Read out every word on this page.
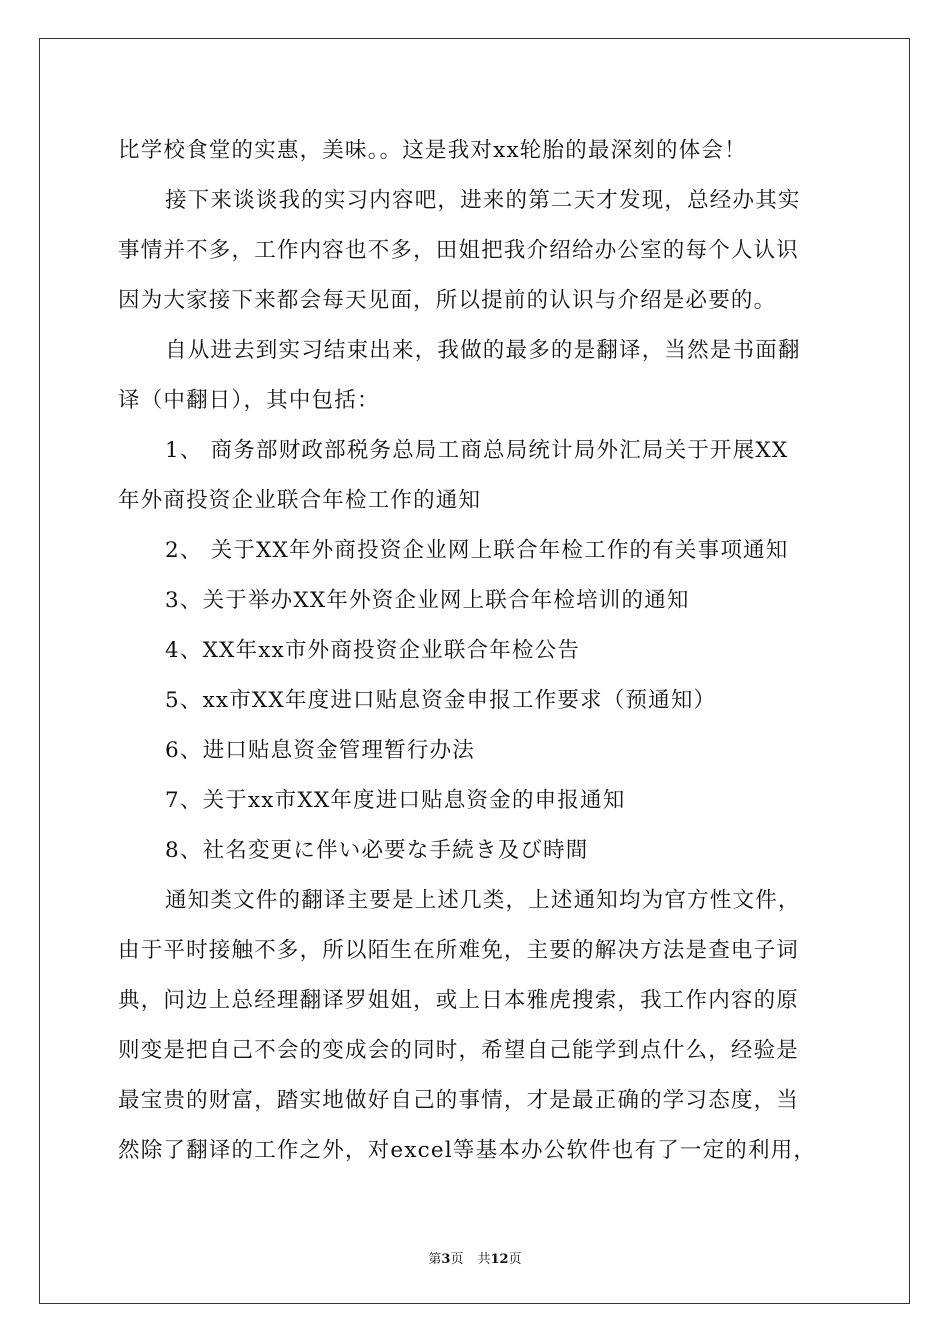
比学校食堂的实惠，美味。。这是我对xx轮胎的最深刻的体会！
接下来谈谈我的实习内容吧，进来的第二天才发现，总经办其实
事情并不多，工作内容也不多，田姐把我介绍给办公室的每个人认识
因为大家接下来都会每天见面，所以提前的认识与介绍是必要的。
自从进去到实习结束出来，我做的最多的是翻译，当然是书面翻
译（中翻日），其中包括：
1、 商务部财政部税务总局工商总局统计局外汇局关于开展XX
年外商投资企业联合年检工作的通知
2、 关于XX年外商投资企业网上联合年检工作的有关事项通知
3、关于举办XX年外资企业网上联合年检培训的通知
4、XX年xx市外商投资企业联合年检公告
5、xx市XX年度进口贴息资金申报工作要求（预通知）
6、进口贴息资金管理暂行办法
7、关于xx市XX年度进口贴息资金的申报通知
8、社名変更に伴い必要な手続き及び時間
通知类文件的翻译主要是上述几类，上述通知均为官方性文件，
由于平时接触不多，所以陌生在所难免，主要的解决方法是查电子词
典，问边上总经理翻译罗姐姐，或上日本雅虎搜索，我工作内容的原
则变是把自己不会的变成会的同时，希望自己能学到点什么，经验是
最宝贵的财富，踏实地做好自己的事情，才是最正确的学习态度，当
然除了翻译的工作之外，对excel等基本办公软件也有了一定的利用，
第3页 共12页
